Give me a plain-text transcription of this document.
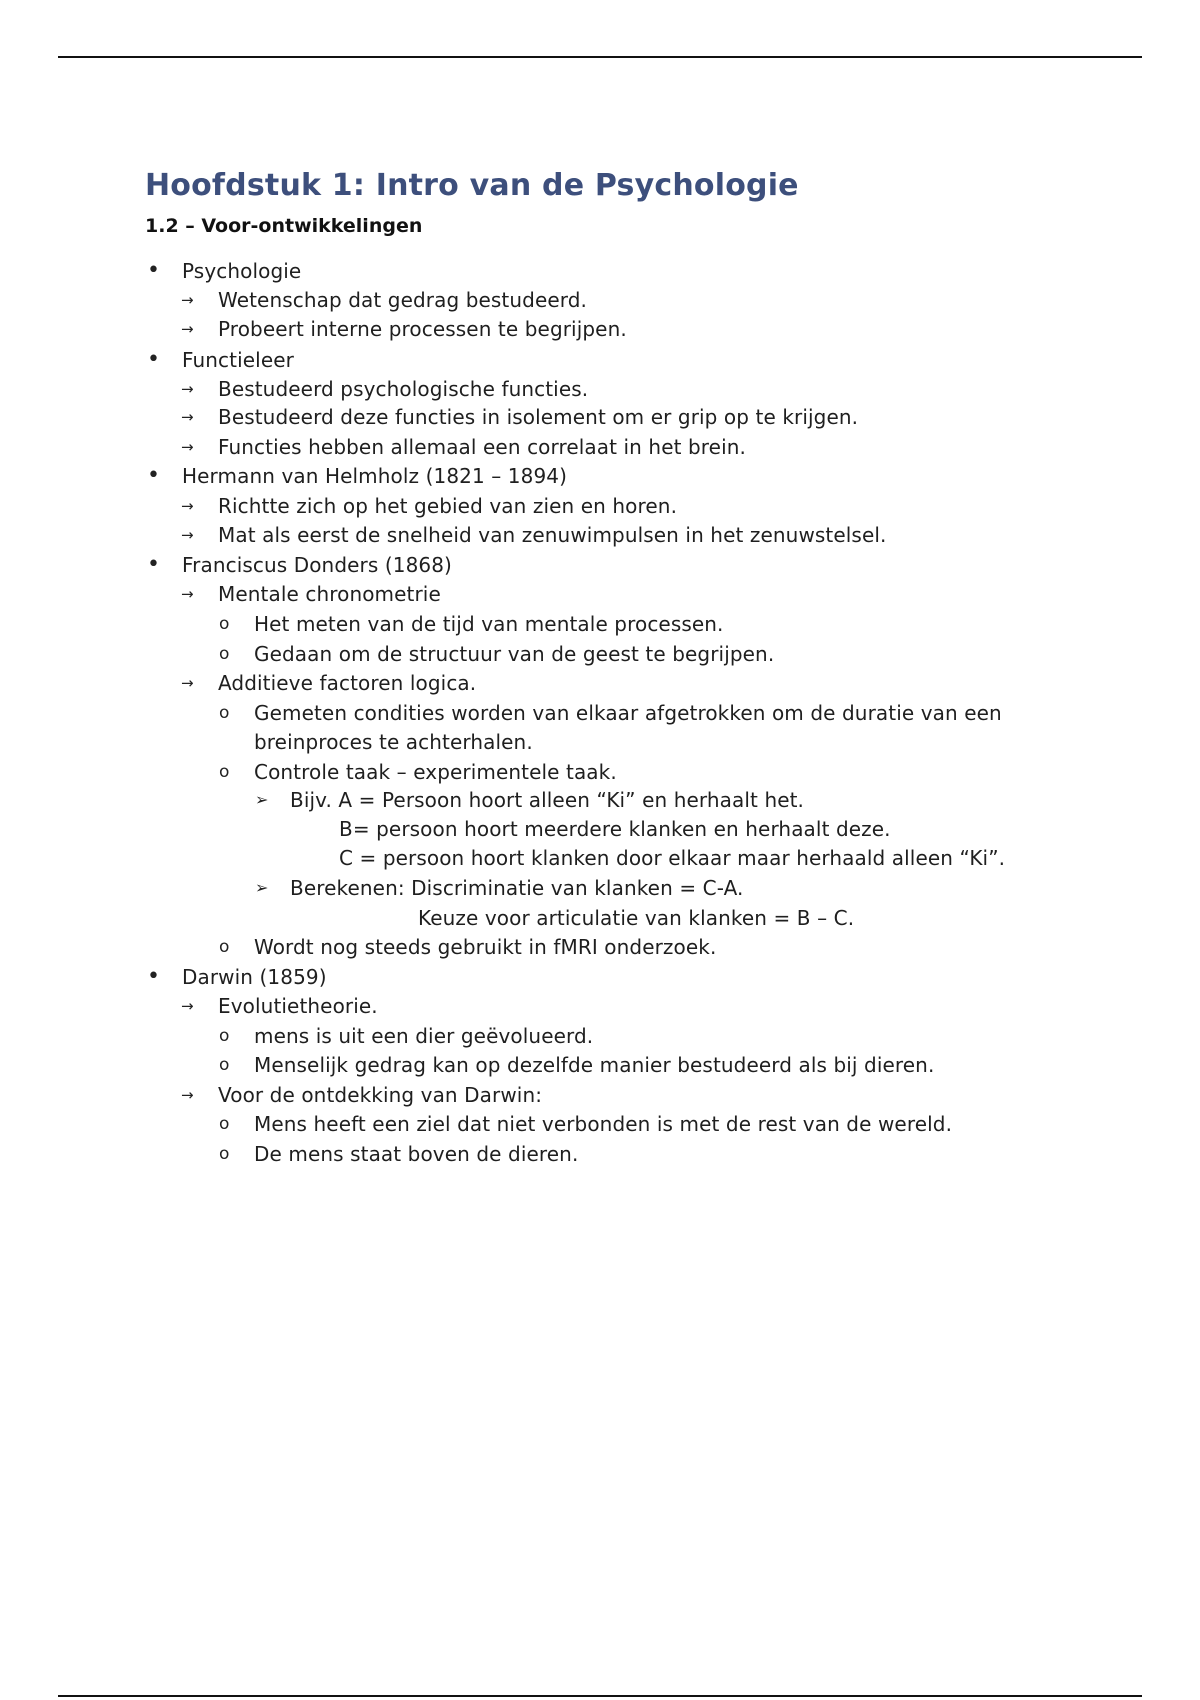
Hoofdstuk 1: Intro van de Psychologie
1.2 – Voor-ontwikkelingen
• Psychologie
→ Wetenschap dat gedrag bestudeerd.
→ Probeert interne processen te begrijpen.
• Functieleer
→ Bestudeerd psychologische functies.
→ Bestudeerd deze functies in isolement om er grip op te krijgen.
→ Functies hebben allemaal een correlaat in het brein.
• Hermann van Helmholz (1821 – 1894)
→ Richtte zich op het gebied van zien en horen.
→ Mat als eerst de snelheid van zenuwimpulsen in het zenuwstelsel.
• Franciscus Donders (1868)
→ Mentale chronometrie
o Het meten van de tijd van mentale processen.
o Gedaan om de structuur van de geest te begrijpen.
→ Additieve factoren logica.
o Gemeten condities worden van elkaar afgetrokken om de duratie van een
breinproces te achterhalen.
o Controle taak – experimentele taak.
➢ Bijv. A = Persoon hoort alleen “Ki” en herhaalt het.
B= persoon hoort meerdere klanken en herhaalt deze.
C = persoon hoort klanken door elkaar maar herhaald alleen “Ki”.
➢ Berekenen: Discriminatie van klanken = C-A.
Keuze voor articulatie van klanken = B – C.
o Wordt nog steeds gebruikt in fMRI onderzoek.
• Darwin (1859)
→ Evolutietheorie.
o mens is uit een dier geëvolueerd.
o Menselijk gedrag kan op dezelfde manier bestudeerd als bij dieren.
→ Voor de ontdekking van Darwin:
o Mens heeft een ziel dat niet verbonden is met de rest van de wereld.
o De mens staat boven de dieren.
